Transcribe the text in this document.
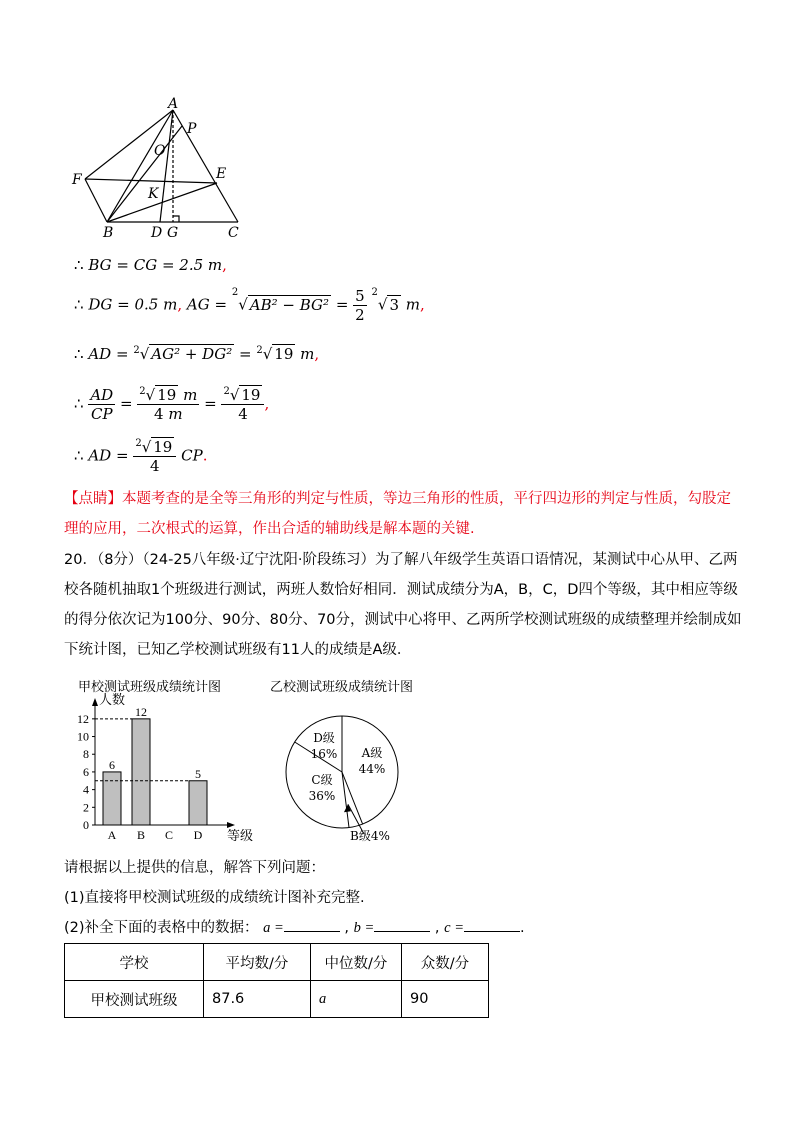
A
P
O
F	E
K
B	D G	C
∴ BG = CG = 2.5 m,
∴ DG = 0.5 m, AG = $^2$√ $AB^2 - BG^2 = \frac{5}{2} ^2√$ 3 m,
∴ AD = $^2$√ AG² + DG² = $^2$√ 19 m,
∴ $\frac{AD}{CP} = \frac{^2√ 19 m}{4 m} = \frac{^2√ 19}{4}$ ,
∴ AD = $\frac{^2√ 19}{4}$ CP.
【点睛】本题考查的是全等三角形的判定与性质，等边三角形的性质，平行四边形的判定与性质，勾股定理的应用，二次根式的运算，作出合适的辅助线是解本题的关键.
20．（8分）（24-25八年级·辽宁沈阳·阶段练习）为了解八年级学生英语口语情况，某测试中心从甲、乙两校各随机抽取1个班级进行测试，两班人数恰好相同．测试成绩分为A，B，C，D四个等级，其中相应等级的得分依次记为100分、90分、80分、70分，测试中心将甲、乙两所学校测试班级的成绩整理并绘制成如下统计图，已知乙学校测试班级有11人的成绩是A级．
甲校测试班级成绩统计图	乙校测试班级成绩统计图
人数
等级
0
2
4
6
8
10
12
6
A
12
B C
5
D
A级
44%
C级
36%
D级
16%
B级4%
请根据以上提供的信息，解答下列问题：
(1)直接将甲校测试班级的成绩统计图补充完整.
(2)补全下面的表格中的数据： a =	, b =	, c =	.
学校	平均数/分	中位数/分	众数/分
甲校测试班级	87.6	a	90
